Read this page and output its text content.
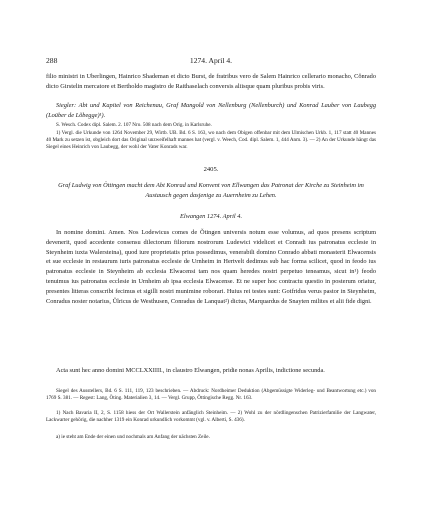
288	1274. April 4.

filio ministri in Uberlingen, Hainrico Shademan et dicto Burst, de fratribus vero de Salem Hainrico cellerario monacho, Cŏnrado dicto Girstelin mercatore et Bertholdo magistro de Raithaselach conversis aliisque quam pluribus probis viris.

Siegler: Abt und Kapitel von Reichenau, Graf Mangold von Nellenburg (Nellenburch) und Konrad Lauber von Laubegg (Loüber de Lŏbegge)¹).

S. Wesch. Codex dipl. Salem. 2. 107 Nro. 508 nach dem Orig. in Karlsruhe.

1) Vergl. die Urkunde von 1264 November 29, Wirtb. UB. Bd. 6 S. 163, wo nach dem Obigen offenbar mit dem Ulmischen Urkb. 1, 117 statt 40 Mannes 40 Mark zu setzen ist, obgleich dort das Original unzweifelhaft mannes hat (vergl. v. Weech, Cod. dipl. Salem. 1, 444 Anm. 3). — 2) An der Urkunde hängt das Siegel eines Heinrich von Laubegg, der wohl der Vater Konrads war.

2405.

Graf Ludwig von Öttingen macht dem Abt Konrad und Konvent von Ellwangen das Patronat der Kirche zu Steinheim im Austausch gegen dasjenige zu Auernheim zu Lehen.

Elwangen 1274. April 4.

In nomine domini. Amen. Nos Lodewicus comes de Ŏtingen universis notum esse volumus, ad quos presens scriptum devenerit, quod accedente consensu dilectorum filiorum nostrorum Ludewici videlicet et Conradi ius patronatus ecclesie in Steynheim iuxta Walersteina), quod iure proprietatis prius possedimus, venerabili domino Conrado abbati monasterii Elwacensis et sue ecclesie in restaurum iuris patronatus ecclesie de Urnheim in Hertvelt dedimus sub hac forma scilicet, quod in feodo ius patronatus ecclesie in Steynheim ab ecclesia Elwacensi tam nos quam heredes nostri perpetuo teneamus, sicut in¹) feodo tenuimus ius patronatus ecclesie in Urnheim ab ipsa ecclesia Elwacense. Et ne super hoc contractu questio in posterum oriatur, presentes litteras conscribi fecimus et sigilli nostri munimine roborari. Huius rei testes sunt: Gotfridus verus pastor in Steynheim, Conradus noster notarius, Ŭlricus de Westhusen, Conradus de Lanquat²) dictus, Marquardus de Snayten milites et alii fide digni.

Acta sunt hec anno domini MCCLXXIIII., in claustro Elwangen, pridie nonas Aprilis, indictione secunda.

Siegel des Ausstellers, Bd. 6 S. 111, 119, 123 beschrieben. — Abdruck: Nordheimer Deduktion (Abgemüssigte Widerleg- und Beantwortung etc.) von 1769 S. 381. — Regest: Lang, Öting. Materialien 3, 14. — Vergl. Grupp, Öttingische Regg. Nr. 163.

1) Nach Bavaria II, 2, S. 1158 hiess der Ort Wallerstein anfänglich Steinheim. — 2) Wohl zu der nördlingenschen Patrizierfamilie der Langwater, Lackwarter gehörig, die nachher 1319 ein Konrad urkundlich vorkommt (vgl. v. Alberti, S. 436).

a) ie steht am Ende der einen und nochmals am Anfang der nächsten Zeile.
